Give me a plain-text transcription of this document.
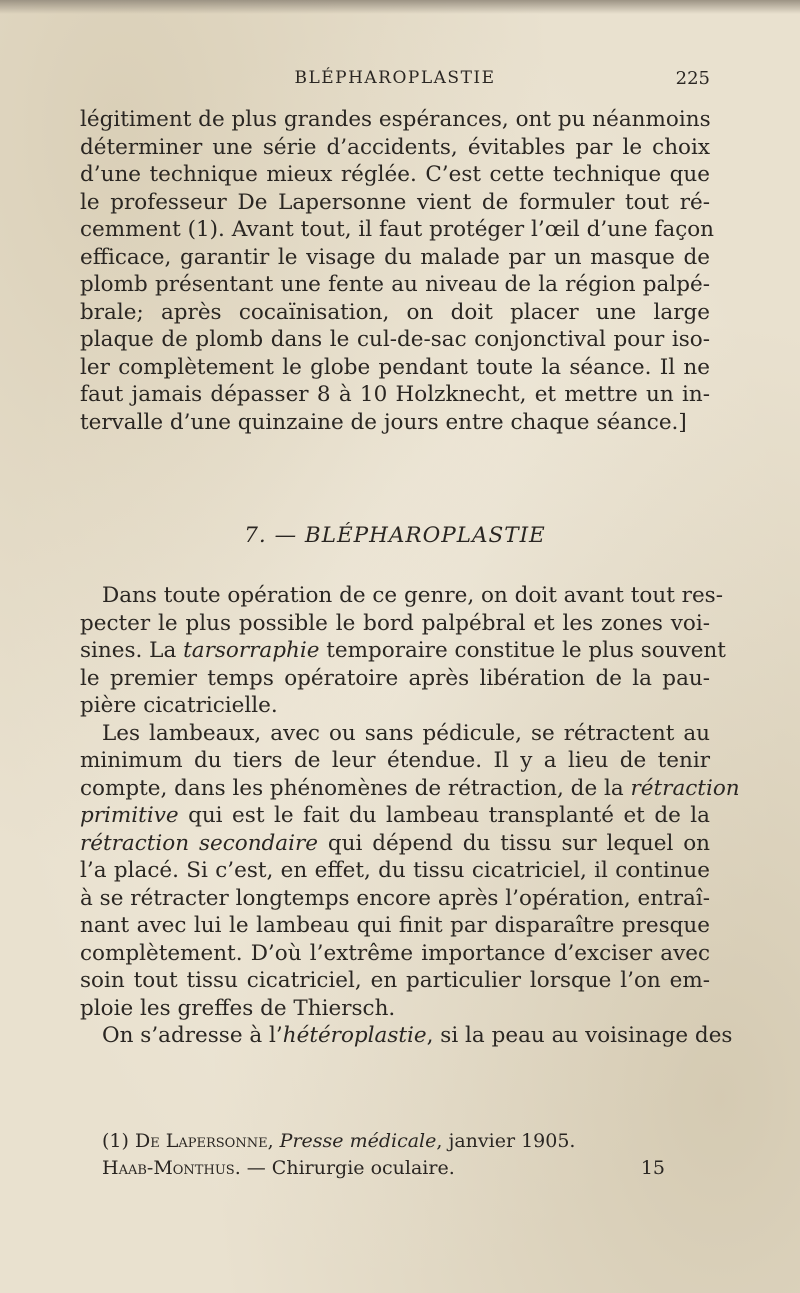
BLÉPHAROPLASTIE	225
légitiment de plus grandes espérances, ont pu néanmoins
déterminer une série d’accidents, évitables par le choix
d’une technique mieux réglée. C’est cette technique que
le professeur De Lapersonne vient de formuler tout ré-
cemment (1). Avant tout, il faut protéger l’œil d’une façon
efficace, garantir le visage du malade par un masque de
plomb présentant une fente au niveau de la région palpé-
brale; après cocaïnisation, on doit placer une large
plaque de plomb dans le cul-de-sac conjonctival pour iso-
ler complètement le globe pendant toute la séance. Il ne
faut jamais dépasser 8 à 10 Holzknecht, et mettre un in-
tervalle d’une quinzaine de jours entre chaque séance.]
7. — BLÉPHAROPLASTIE
Dans toute opération de ce genre, on doit avant tout res-
pecter le plus possible le bord palpébral et les zones voi-
sines. La tarsorraphie temporaire constitue le plus souvent
le premier temps opératoire après libération de la pau-
pière cicatricielle.
Les lambeaux, avec ou sans pédicule, se rétractent au
minimum du tiers de leur étendue. Il y a lieu de tenir
compte, dans les phénomènes de rétraction, de la rétraction
primitive qui est le fait du lambeau transplanté et de la
rétraction secondaire qui dépend du tissu sur lequel on
l’a placé. Si c’est, en effet, du tissu cicatriciel, il continue
à se rétracter longtemps encore après l’opération, entraî-
nant avec lui le lambeau qui finit par disparaître presque
complètement. D’où l’extrême importance d’exciser avec
soin tout tissu cicatriciel, en particulier lorsque l’on em-
ploie les greffes de Thiersch.
On s’adresse à l’hétéroplastie, si la peau au voisinage des
(1) De Lapersonne, Presse médicale, janvier 1905.
Haab-Monthus. — Chirurgie oculaire.	15
